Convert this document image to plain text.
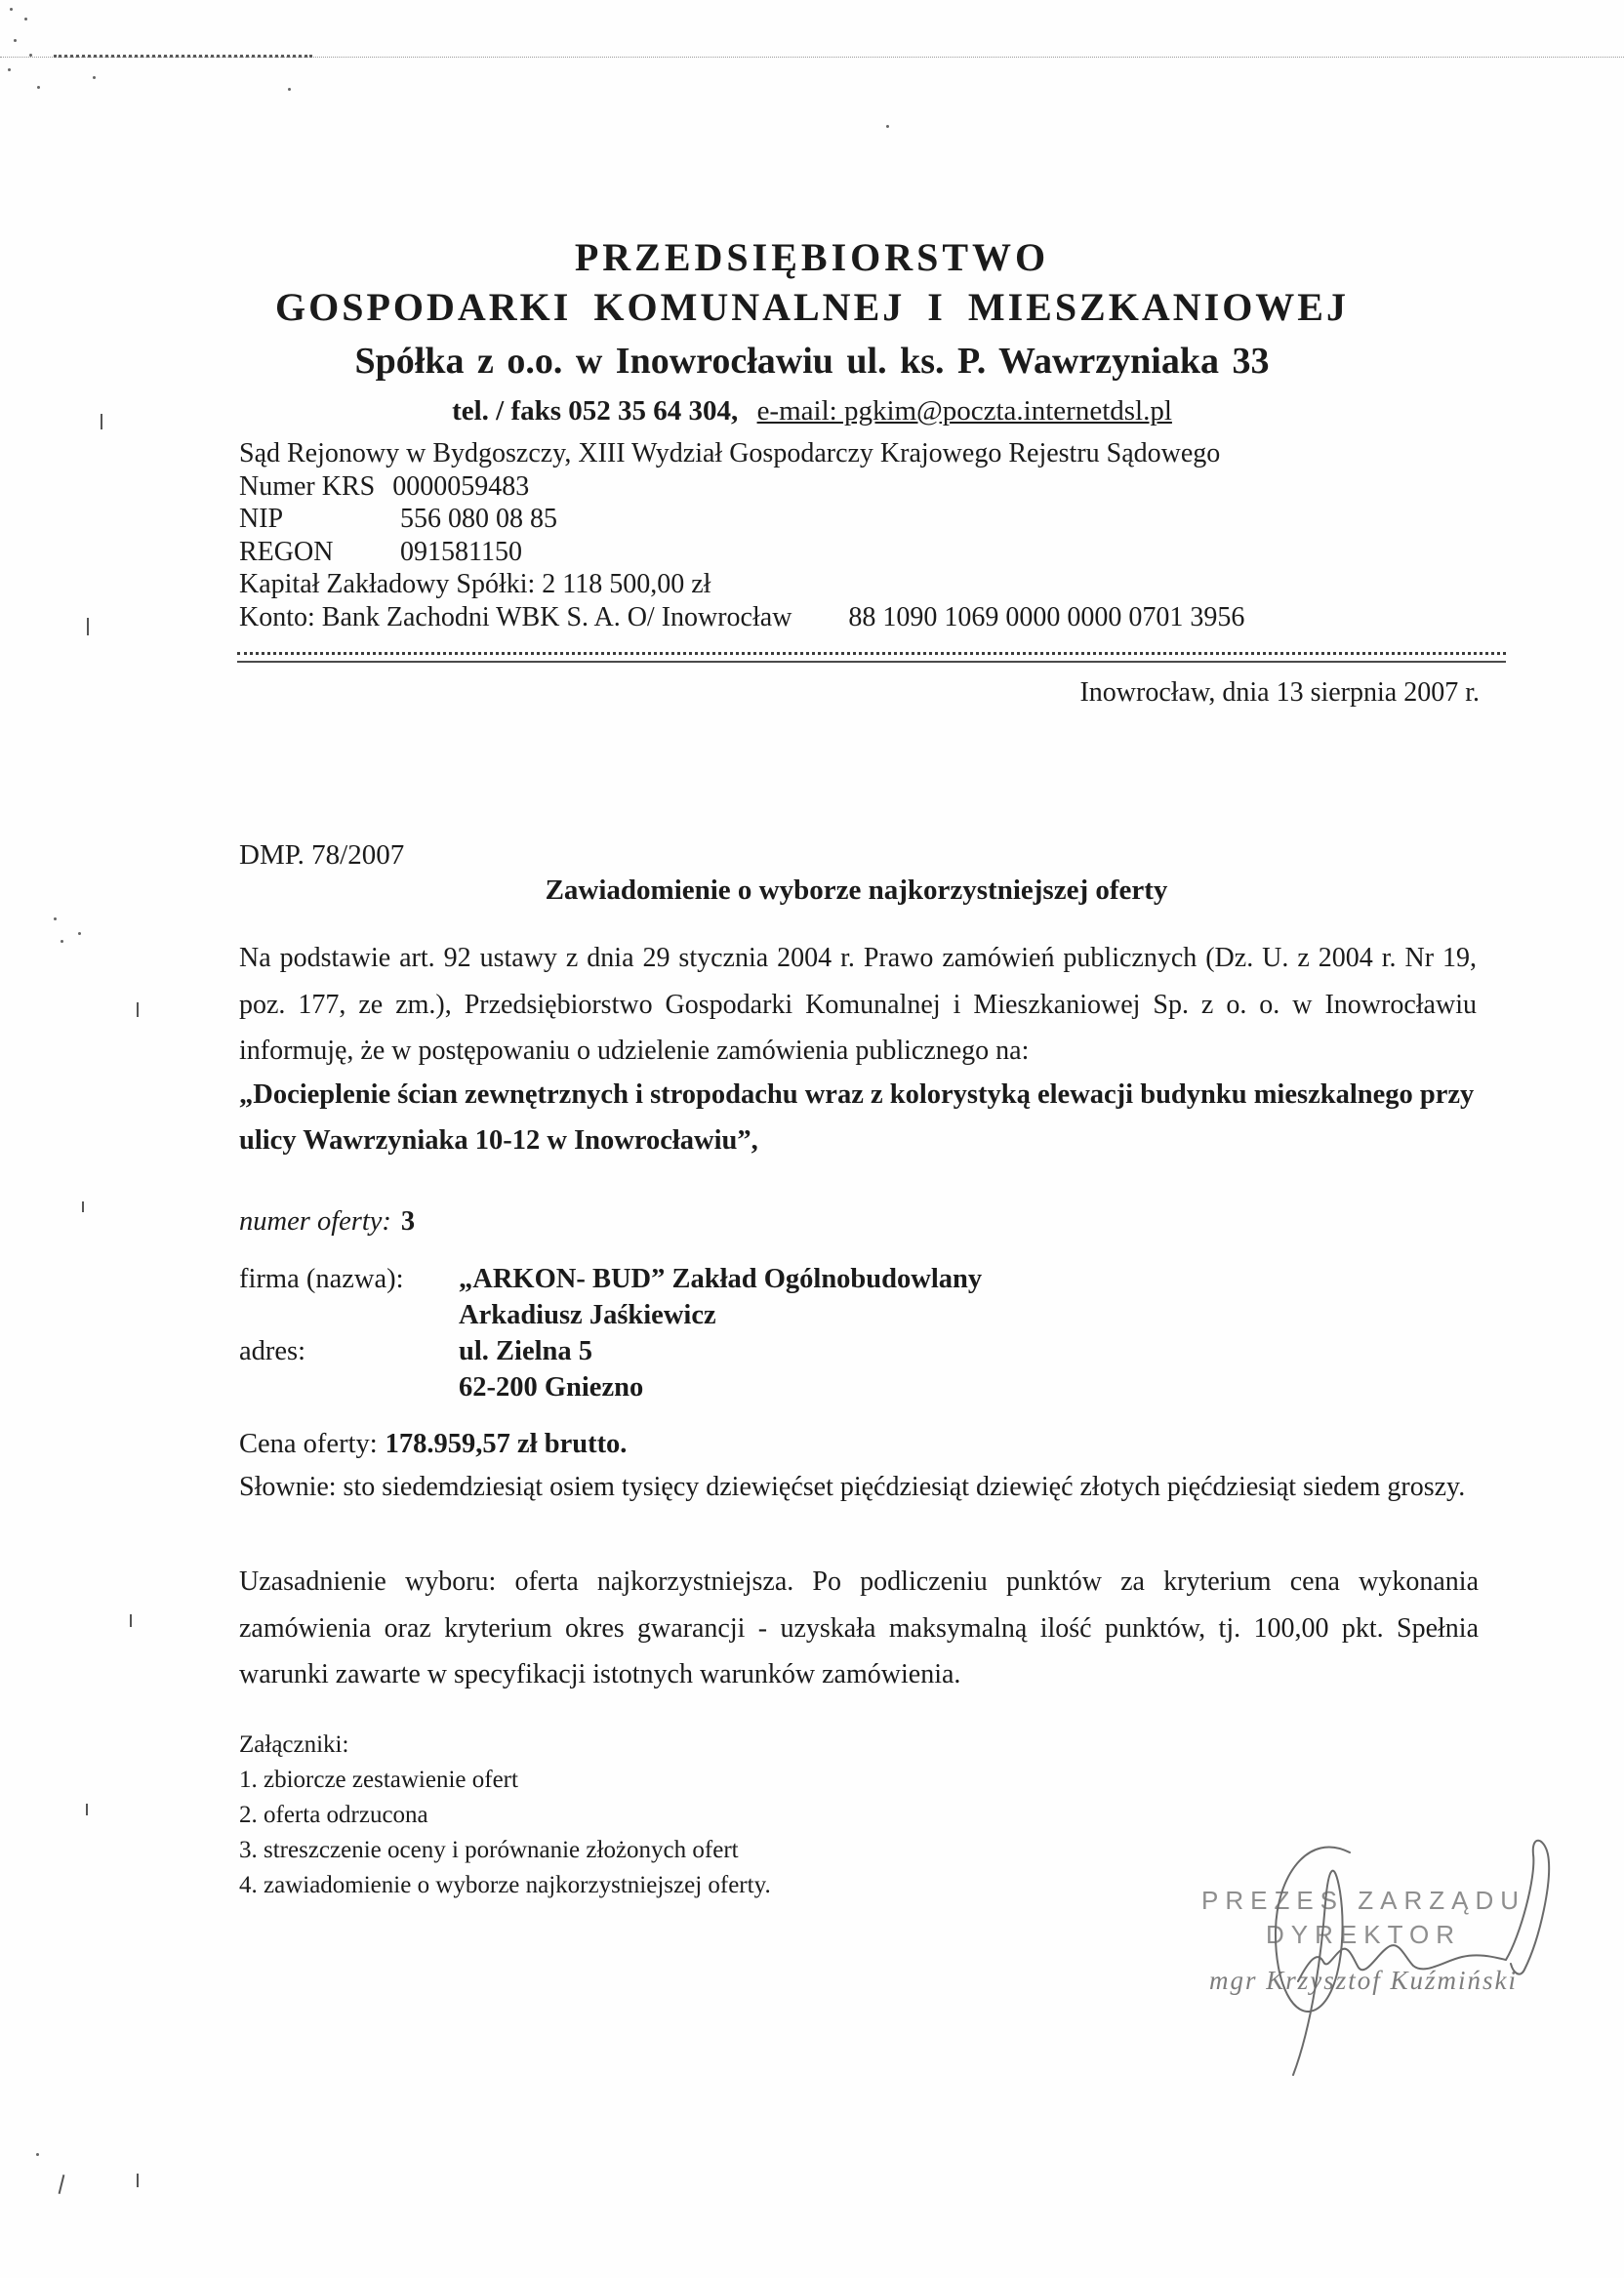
PRZEDSIĘBIORSTWO
GOSPODARKI KOMUNALNEJ I MIESZKANIOWEJ
Spółka z o.o. w Inowrocławiu ul. ks. P. Wawrzyniaka 33
tel. / faks 052 35 64 304, e-mail: pgkim@poczta.internetdsl.pl
Sąd Rejonowy w Bydgoszczy, XIII Wydział Gospodarczy Krajowego Rejestru Sądowego
Numer KRS 0000059483
NIP	556 080 08 85
REGON 091581150
Kapitał Zakładowy Spółki: 2 118 500,00 zł
Konto: Bank Zachodni WBK S. A. O/ Inowrocław 88 1090 1069 0000 0000 0701 3956
Inowrocław, dnia 13 sierpnia 2007 r.
DMP. 78/2007
Zawiadomienie o wyborze najkorzystniejszej oferty
Na podstawie art. 92 ustawy z dnia 29 stycznia 2004 r. Prawo zamówień publicznych (Dz. U. z 2004 r. Nr 19, poz. 177, ze zm.), Przedsiębiorstwo Gospodarki Komunalnej i Mieszkaniowej Sp. z o. o. w Inowrocławiu informuję, że w postępowaniu o udzielenie zamówienia publicznego na:
„Docieplenie ścian zewnętrznych i stropodachu wraz z kolorystyką elewacji budynku mieszkalnego przy ulicy Wawrzyniaka 10-12 w Inowrocławiu”,
numer oferty: 3
firma (nazwa):	„ARKON- BUD” Zakład Ogólnobudowlany
Arkadiusz Jaśkiewicz
adres:	ul. Zielna 5
62-200 Gniezno
Cena oferty: 178.959,57 zł brutto.
Słownie: sto siedemdziesiąt osiem tysięcy dziewięćset pięćdziesiąt dziewięć złotych pięćdziesiąt siedem groszy.
Uzasadnienie wyboru: oferta najkorzystniejsza. Po podliczeniu punktów za kryterium cena wykonania zamówienia oraz kryterium okres gwarancji - uzyskała maksymalną ilość punktów, tj. 100,00 pkt. Spełnia warunki zawarte w specyfikacji istotnych warunków zamówienia.
Załączniki:
1. zbiorcze zestawienie ofert
2. oferta odrzucona
3. streszczenie oceny i porównanie złożonych ofert
4. zawiadomienie o wyborze najkorzystniejszej oferty.
PREZES ZARZĄDU
DYREKTOR
mgr Krzysztof Kuźmiński
